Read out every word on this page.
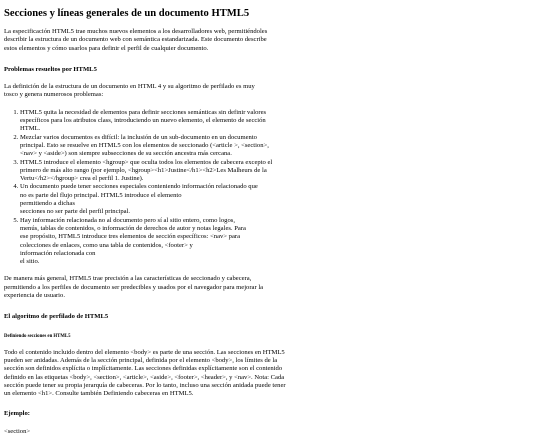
Secciones y líneas generales de un documento HTML5

La especificación HTML5 trae muchos nuevos elementos a los desarrolladores web, permitiéndoles describir la estructura de un documento web con semántica estandarizada. Este documento describe estos elementos y cómo usarlos para definir el perfil de cualquier documento.

Problemas resueltos por HTML5

La definición de la estructura de un documento en HTML 4 y su algoritmo de perfilado es muy tosco y genera numerosos problemas:

1. HTML5 quita la necesidad de elementos para definir secciones semánticas sin definir valores específicos para los atributos class, introduciendo un nuevo elemento, el elemento de sección HTML.
2. Mezclar varios documentos es difícil: la inclusión de un sub-documento en un documento principal. Esto se resuelve en HTML5 con los elementos de seccionado (<article >, <section>, <nav> y <aside>) son siempre subsecciones de su sección ancestra más cercana.
3. HTML5 introduce el elemento <hgroup> que oculta todos los elementos de cabecera excepto el primero de más alto rango (por ejemplo, <hgroup><h1>Justine</h1><h2>Les Malheurs de la Vertu</h2></hgroup> crea el perfil 1. Justine).
4. Un documento puede tener secciones especiales conteniendo información relacionado que no es parte del flujo principal. HTML5 introduce el elemento
permitiendo a dichas
secciones no ser parte del perfil principal.
5. Hay información relacionada no al documento pero sí al sitio entero, como logos, menús, tablas de contenidos, o información de derechos de autor y notas legales. Para ese propósito, HTML5 introduce tres elementos de sección específicos: <nav> para colecciones de enlaces, como una tabla de contenidos, <footer> y
información relacionada con
el sitio.

De manera más general, HTML5 trae precisión a las características de seccionado y cabecera, permitiendo a los perfiles de documento ser predecibles y usados por el navegador para mejorar la experiencia de usuario.

El algoritmo de perfilado de HTML5
Definiendo secciones en HTML5

Todo el contenido incluido dentro del elemento <body> es parte de una sección. Las secciones en HTML5 pueden ser anidadas. Además de la sección principal, definida por el elemento <body>, los límites de la sección son definidos explícita o implícitamente. Las secciones definidas explícitamente son el contenido definido en las etiquetas <body>, <section>, <article>, <aside>, <footer>, <header>, y <nav>. Nota: Cada sección puede tener su propia jerarquía de cabeceras. Por lo tanto, incluso una sección anidada puede tener un elemento <h1>. Consulte también Definiendo cabeceras en HTML5.

Ejemplo:
<section>
